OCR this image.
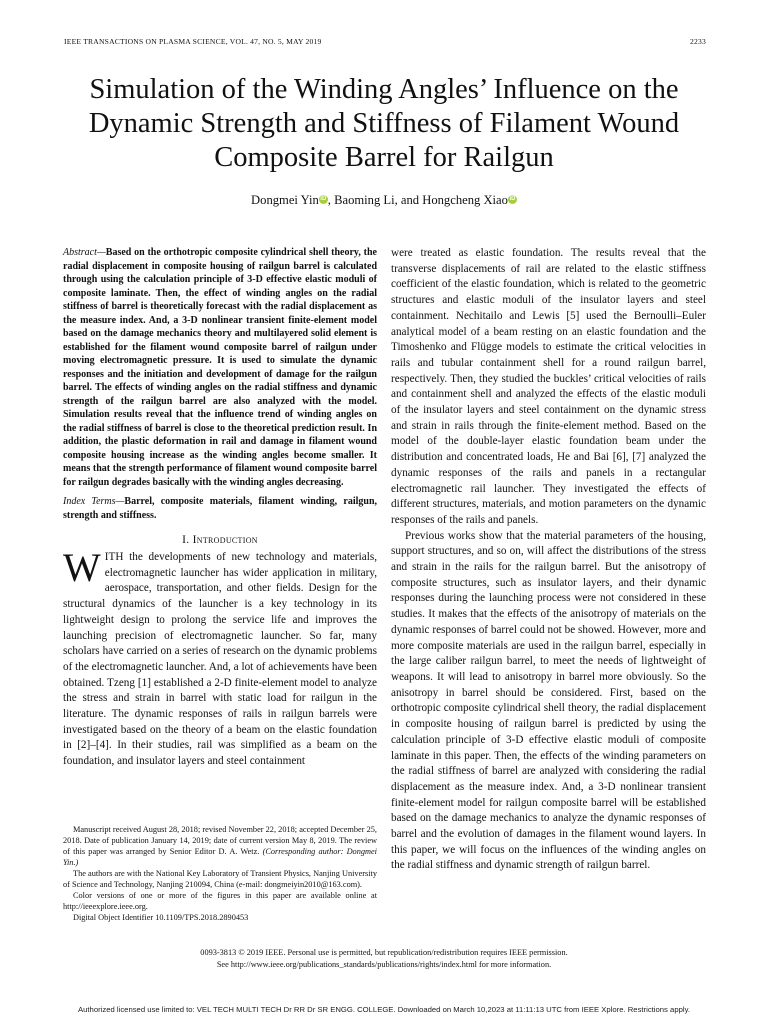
IEEE TRANSACTIONS ON PLASMA SCIENCE, VOL. 47, NO. 5, MAY 2019	2233
Simulation of the Winding Angles’ Influence on the Dynamic Strength and Stiffness of Filament Wound Composite Barrel for Railgun
Dongmei Yin iD , Baoming Li, and Hongcheng Xiao iD

Abstract—Based on the orthotropic composite cylindrical shell theory, the radial displacement in composite housing of railgun barrel is calculated through using the calculation principle of 3-D effective elastic moduli of composite laminate. Then, the effect of winding angles on the radial stiffness of barrel is theoretically forecast with the radial displacement as the measure index. And, a 3-D nonlinear transient finite-element model based on the damage mechanics theory and multilayered solid element is established for the filament wound composite barrel of railgun under moving electromagnetic pressure. It is used to simulate the dynamic responses and the initiation and development of damage for the railgun barrel. The effects of winding angles on the radial stiffness and dynamic strength of the railgun barrel are also analyzed with the model. Simulation results reveal that the influence trend of winding angles on the radial stiffness of barrel is close to the theoretical prediction result. In addition, the plastic deformation in rail and damage in filament wound composite housing increase as the winding angles become smaller. It means that the strength performance of filament wound composite barrel for railgun degrades basically with the winding angles decreasing.

Index Terms—Barrel, composite materials, filament winding, railgun, strength and stiffness.

I. Introduction

WITH the developments of new technology and materials, electromagnetic launcher has wider application in military, aerospace, transportation, and other fields. Design for the structural dynamics of the launcher is a key technology in its lightweight design to prolong the service life and improves the launching precision of electromagnetic launcher. So far, many scholars have carried on a series of research on the dynamic problems of the electromagnetic launcher. And, a lot of achievements have been obtained. Tzeng [1] established a 2-D finite-element model to analyze the stress and strain in barrel with static load for railgun in the literature. The dynamic responses of rails in railgun barrels were investigated based on the theory of a beam on the elastic foundation in [2]–[4]. In their studies, rail was simplified as a beam on the foundation, and insulator layers and steel containment

Manuscript received August 28, 2018; revised November 22, 2018; accepted December 25, 2018. Date of publication January 14, 2019; date of current version May 8, 2019. The review of this paper was arranged by Senior Editor D. A. Wetz. (Corresponding author: Dongmei Yin.)

The authors are with the National Key Laboratory of Transient Physics, Nanjing University of Science and Technology, Nanjing 210094, China (e-mail: dongmeiyin2010@163.com).

Color versions of one or more of the figures in this paper are available online at http://ieeexplore.ieee.org.

Digital Object Identifier 10.1109/TPS.2018.2890453

were treated as elastic foundation. The results reveal that the transverse displacements of rail are related to the elastic stiffness coefficient of the elastic foundation, which is related to the geometric structures and elastic moduli of the insulator layers and steel containment. Nechitailo and Lewis [5] used the Bernoulli–Euler analytical model of a beam resting on an elastic foundation and the Timoshenko and Flügge models to estimate the critical velocities in rails and tubular containment shell for a round railgun barrel, respectively. Then, they studied the buckles’ critical velocities of rails and containment shell and analyzed the effects of the elastic moduli of the insulator layers and steel containment on the dynamic stress and strain in rails through the finite-element method. Based on the model of the double-layer elastic foundation beam under the distribution and concentrated loads, He and Bai [6], [7] analyzed the dynamic responses of the rails and panels in a rectangular electromagnetic rail launcher. They investigated the effects of different structures, materials, and motion parameters on the dynamic responses of the rails and panels.

Previous works show that the material parameters of the housing, support structures, and so on, will affect the distributions of the stress and strain in the rails for the railgun barrel. But the anisotropy of composite structures, such as insulator layers, and their dynamic responses during the launching process were not considered in these studies. It makes that the effects of the anisotropy of materials on the dynamic responses of barrel could not be showed. However, more and more composite materials are used in the railgun barrel, especially in the large caliber railgun barrel, to meet the needs of lightweight of weapons. It will lead to anisotropy in barrel more obviously. So the anisotropy in barrel should be considered. First, based on the orthotropic composite cylindrical shell theory, the radial displacement in composite housing of railgun barrel is predicted by using the calculation principle of 3-D effective elastic moduli of composite laminate in this paper. Then, the effects of the winding parameters on the radial stiffness of barrel are analyzed with considering the radial displacement as the measure index. And, a 3-D nonlinear transient finite-element model for railgun composite barrel will be established based on the damage mechanics to analyze the dynamic responses of barrel and the evolution of damages in the filament wound layers. In this paper, we will focus on the influences of the winding angles on the radial stiffness and dynamic strength of railgun barrel.

0093-3813 © 2019 IEEE. Personal use is permitted, but republication/redistribution requires IEEE permission.
See http://www.ieee.org/publications_standards/publications/rights/index.html for more information.
Authorized licensed use limited to: VEL TECH MULTI TECH Dr RR Dr SR ENGG. COLLEGE. Downloaded on March 10,2023 at 11:11:13 UTC from IEEE Xplore. Restrictions apply.
